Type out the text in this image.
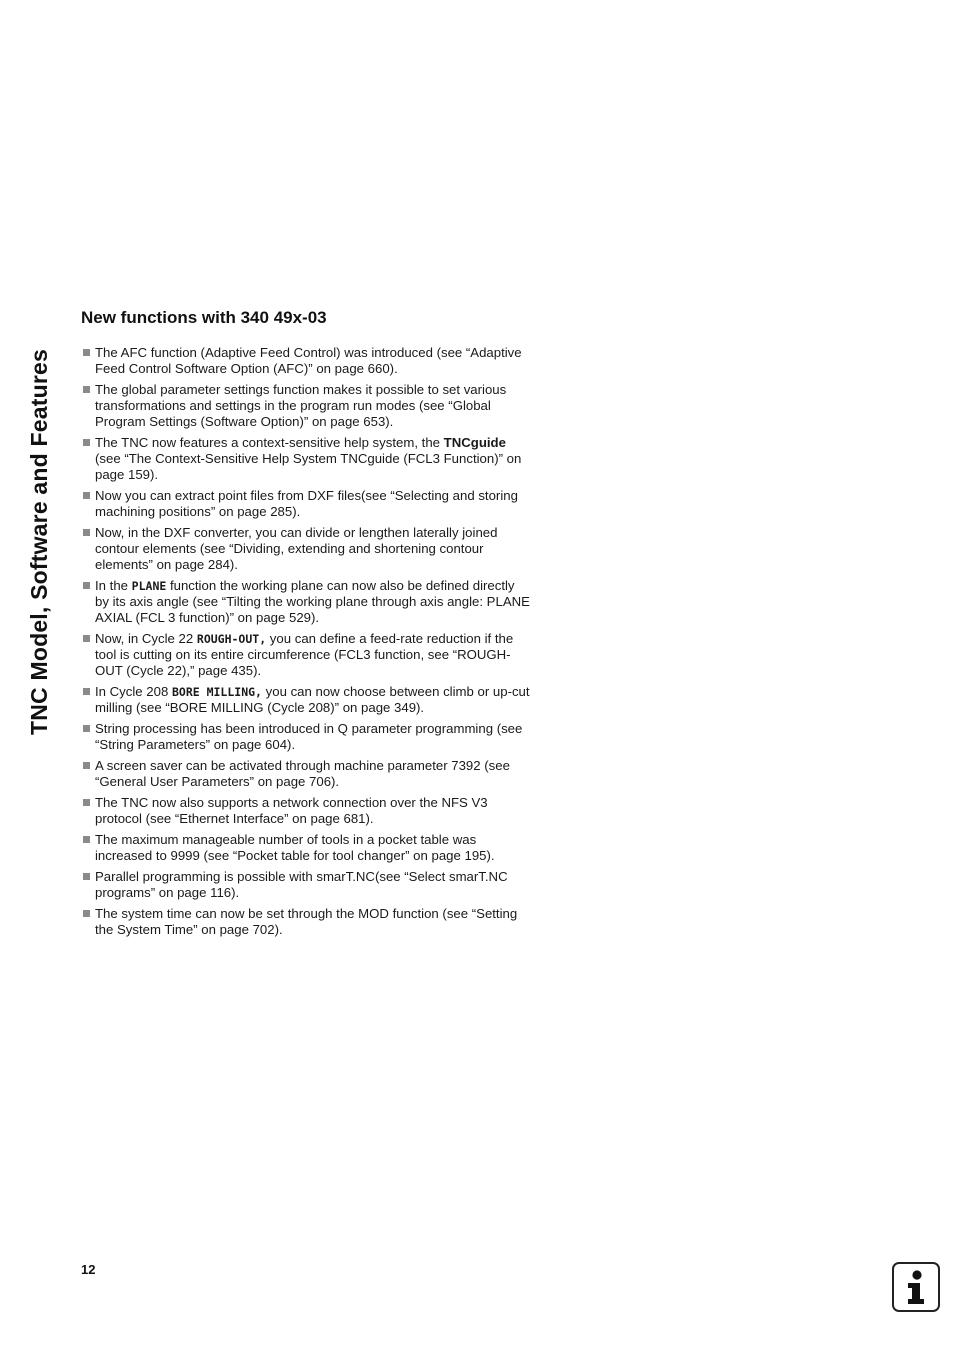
TNC Model, Software and Features
New functions with 340 49x-03
The AFC function (Adaptive Feed Control) was introduced (see “Adaptive Feed Control Software Option (AFC)” on page 660).
The global parameter settings function makes it possible to set various transformations and settings in the program run modes (see “Global Program Settings (Software Option)” on page 653).
The TNC now features a context-sensitive help system, the TNCguide (see “The Context-Sensitive Help System TNCguide (FCL3 Function)” on page 159).
Now you can extract point files from DXF files(see “Selecting and storing machining positions” on page 285).
Now, in the DXF converter, you can divide or lengthen laterally joined contour elements (see “Dividing, extending and shortening contour elements” on page 284).
In the PLANE function the working plane can now also be defined directly by its axis angle (see “Tilting the working plane through axis angle: PLANE AXIAL (FCL 3 function)” on page 529).
Now, in Cycle 22 ROUGH-OUT, you can define a feed-rate reduction if the tool is cutting on its entire circumference (FCL3 function, see “ROUGH-OUT (Cycle 22),” page 435).
In Cycle 208 BORE MILLING, you can now choose between climb or up-cut milling (see “BORE MILLING (Cycle 208)” on page 349).
String processing has been introduced in Q parameter programming (see “String Parameters” on page 604).
A screen saver can be activated through machine parameter 7392 (see “General User Parameters” on page 706).
The TNC now also supports a network connection over the NFS V3 protocol (see “Ethernet Interface” on page 681).
The maximum manageable number of tools in a pocket table was increased to 9999 (see “Pocket table for tool changer” on page 195).
Parallel programming is possible with smarT.NC(see “Select smarT.NC programs” on page 116).
The system time can now be set through the MOD function (see “Setting the System Time” on page 702).
12
